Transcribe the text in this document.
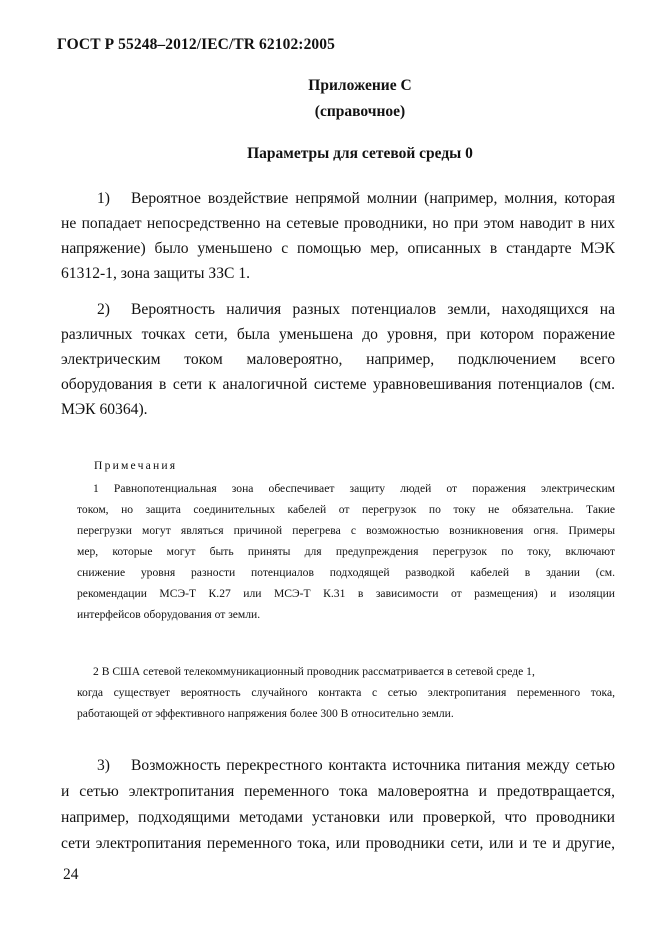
ГОСТ Р 55248–2012/IEC/TR 62102:2005
Приложение С
(справочное)
Параметры для сетевой среды 0
1) Вероятное воздействие непрямой молнии (например, молния, которая
не попадает непосредственно на сетевые проводники, но при этом наводит в них
напряжение) было уменьшено с помощью мер, описанных в стандарте МЭК
61312-1, зона защиты ЗЗС 1.
2) Вероятность наличия разных потенциалов земли, находящихся на
различных точках сети, была уменьшена до уровня, при котором поражение
электрическим током маловероятно, например, подключением всего
оборудования в сети к аналогичной системе уравновешивания потенциалов (см.
МЭК 60364).
Примечания
1 Равнопотенциальная зона обеспечивает защиту людей от поражения электрическим
током, но защита соединительных кабелей от перегрузок по току не обязательна. Такие
перегрузки могут являться причиной перегрева с возможностью возникновения огня. Примеры
мер, которые могут быть приняты для предупреждения перегрузок по току, включают
снижение уровня разности потенциалов подходящей разводкой кабелей в здании (см.
рекомендации МСЭ-Т К.27 или МСЭ-Т К.31 в зависимости от размещения) и изоляции
интерфейсов оборудования от земли.
2 В США сетевой телекоммуникационный проводник рассматривается в сетевой среде 1,
когда существует вероятность случайного контакта с сетью электропитания переменного тока,
работающей от эффективного напряжения более 300 В относительно земли.
3) Возможность перекрестного контакта источника питания между сетью
и сетью электропитания переменного тока маловероятна и предотвращается,
например, подходящими методами установки или проверкой, что проводники
сети электропитания переменного тока, или проводники сети, или и те и другие,
24
